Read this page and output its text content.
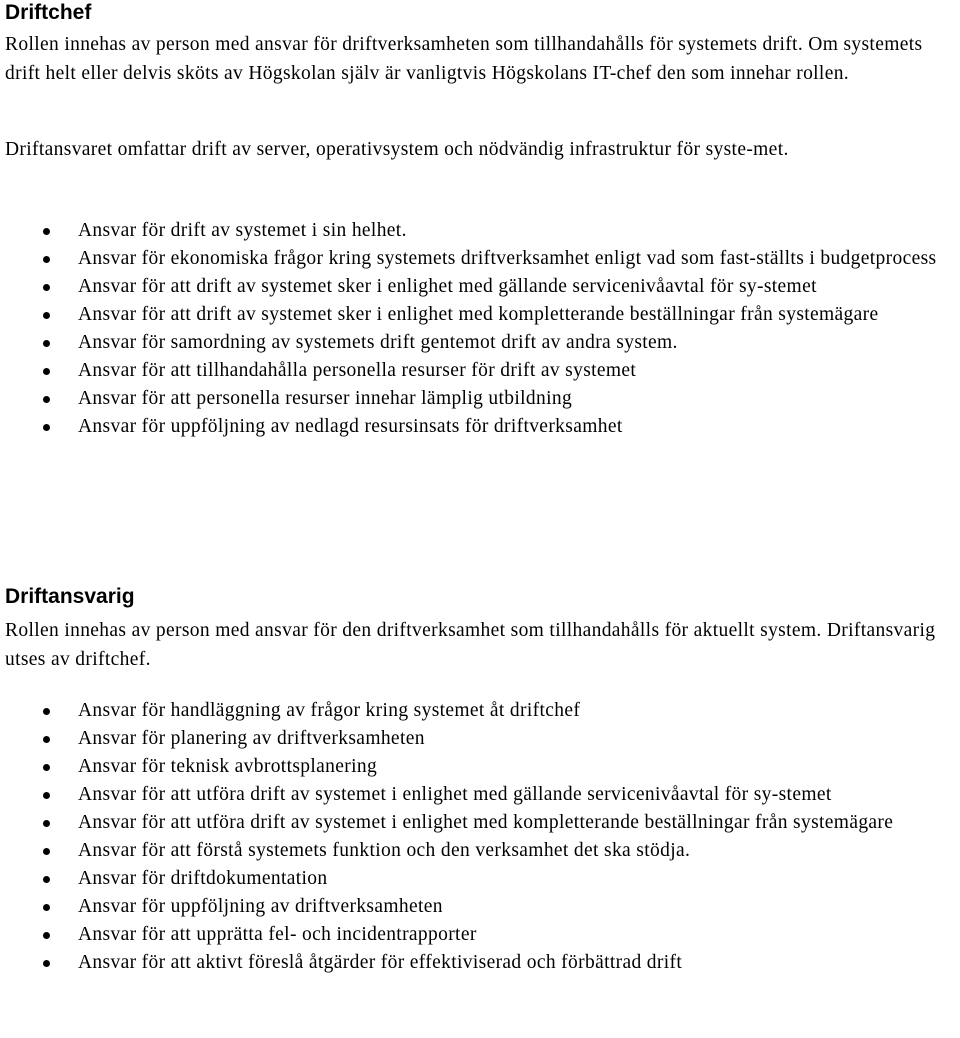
Driftchef

Rollen innehas av person med ansvar för driftverksamheten som tillhandahålls för systemets drift. Om systemets drift helt eller delvis sköts av Högskolan själv är vanligtvis Högskolans IT-chef den som innehar rollen.

Driftansvaret omfattar drift av server, operativsystem och nödvändig infrastruktur för syste-met.

Ansvar för drift av systemet i sin helhet.
Ansvar för ekonomiska frågor kring systemets driftverksamhet enligt vad som fast-ställts i budgetprocess
Ansvar för att drift av systemet sker i enlighet med gällande servicenivåavtal för sy-stemet
Ansvar för att drift av systemet sker i enlighet med kompletterande beställningar från systemägare
Ansvar för samordning av systemets drift gentemot drift av andra system.
Ansvar för att tillhandahålla personella resurser för drift av systemet
Ansvar för att personella resurser innehar lämplig utbildning
Ansvar för uppföljning av nedlagd resursinsats för driftverksamhet
Driftansvarig

Rollen innehas av person med ansvar för den driftverksamhet som tillhandahålls för aktuellt system. Driftansvarig utses av driftchef.

Ansvar för handläggning av frågor kring systemet åt driftchef
Ansvar för planering av driftverksamheten
Ansvar för teknisk avbrottsplanering
Ansvar för att utföra drift av systemet i enlighet med gällande servicenivåavtal för sy-stemet
Ansvar för att utföra drift av systemet i enlighet med kompletterande beställningar från systemägare
Ansvar för att förstå systemets funktion och den verksamhet det ska stödja.
Ansvar för driftdokumentation
Ansvar för uppföljning av driftverksamheten
Ansvar för att upprätta fel- och incidentrapporter
Ansvar för att aktivt föreslå åtgärder för effektiviserad och förbättrad drift
